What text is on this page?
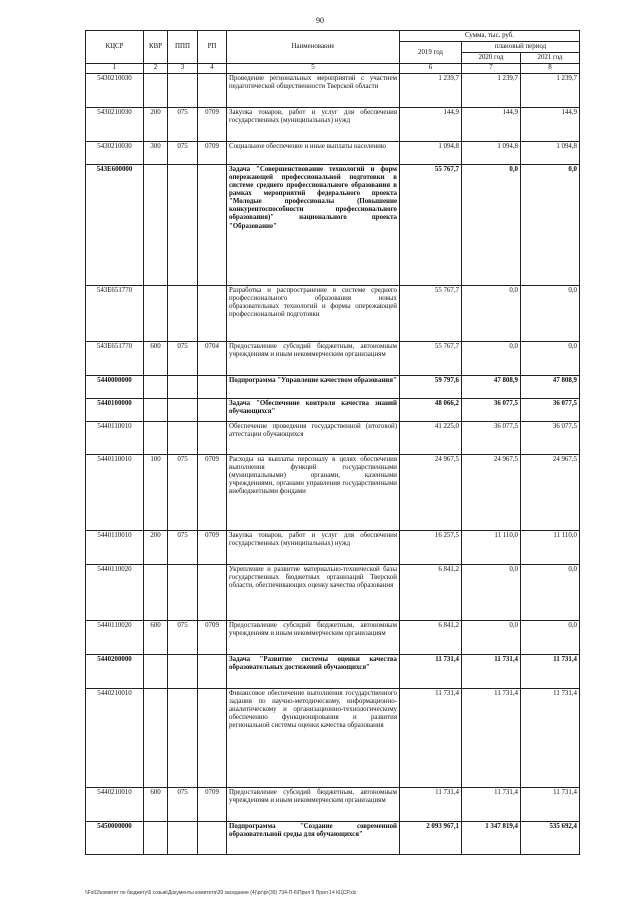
90
КЦСР	КВР	ППП	РП	Наименование	Сумма, тыс. руб.		
					2019 год	плановый период	
						2020 год	2021 год
1	2	3	4	5	6	7	8
5430210030				Проведение региональных мероприятий с участием педагогической общественности Тверской области	1 239,7	1 239,7	1 239,7
5430210030	200	075	0709	Закупка товаров, работ и услуг для обеспечения государственных (муниципальных) нужд	144,9	144,9	144,9
5430210030	300	075	0709	Социальное обеспечение и иные выплаты населению	1 094,8	1 094,8	1 094,8
543E600000				Задача "Совершенствование технологий и форм опережающей профессиональной подготовки в системе среднего профессионального образования в рамках мероприятий федерального проекта "Молодые профессионалы (Повышение конкурентоспособности профессионального образования)" национального проекта "Образование"	55 767,7	0,0	0,0
543E651770				Разработка и распространение в системе среднего профессионального образования новых образовательных технологий и формы опережающей профессиональной подготовки	55 767,7	0,0	0,0
543E651770	600	075	0704	Предоставление субсидий бюджетным, автономным учреждениям и иным некоммерческим организациям	55 767,7	0,0	0,0
5440000000				Подпрограмма "Управление качеством образования"	59 797,6	47 808,9	47 808,9
5440100000				Задача "Обеспечение контроля качества знаний обучающихся"	48 066,2	36 077,5	36 077,5
5440110010				Обеспечение проведения государственной (итоговой) аттестации обучающихся	41 225,0	36 077,5	36 077,5
5440110010	100	075	0709	Расходы на выплаты персоналу в целях обеспечения выполнения функций государственными (муниципальными) органами, казенными учреждениями, органами управления государственными внебюджетными фондами	24 967,5	24 967,5	24 967,5
5440110010	200	075	0709	Закупка товаров, работ и услуг для обеспечения государственных (муниципальных) нужд	16 257,5	11 110,0	11 110,0
5440110020				Укрепление и развитие материально-технической базы государственных бюджетных организаций Тверской области, обеспечивающих оценку качества образования	6 841,2	0,0	0,0
5440110020	600	075	0709	Предоставление субсидий бюджетным, автономным учреждениям и иным некоммерческим организациям	6 841,2	0,0	0,0
5440200000				Задача "Развитие системы оценки качества образовательных достижений обучающихся"	11 731,4	11 731,4	11 731,4
5440210010				Финансовое обеспечение выполнения государственного задания по научно-методическому, информационно-аналитическому и организационно-технологическому обеспечению функционирования и развития региональной системы оценки качества образования	11 731,4	11 731,4	11 731,4
5440210010	600	075	0709	Предоставление субсидий бюджетным, автономным учреждениям и иным некоммерческим организациям	11 731,4	11 731,4	11 731,4
5450000000				Подпрограмма "Создание современной образовательной среды для обучающихся"	2 093 967,1	1 347 819,4	535 692,4
\\Fs02\комитет по бюджету\6 созыв\Документы комитета\39 заседание (4)\рг\рг(39) 734-П-6\Прил 9 Прил 14 КЦСР.xls
